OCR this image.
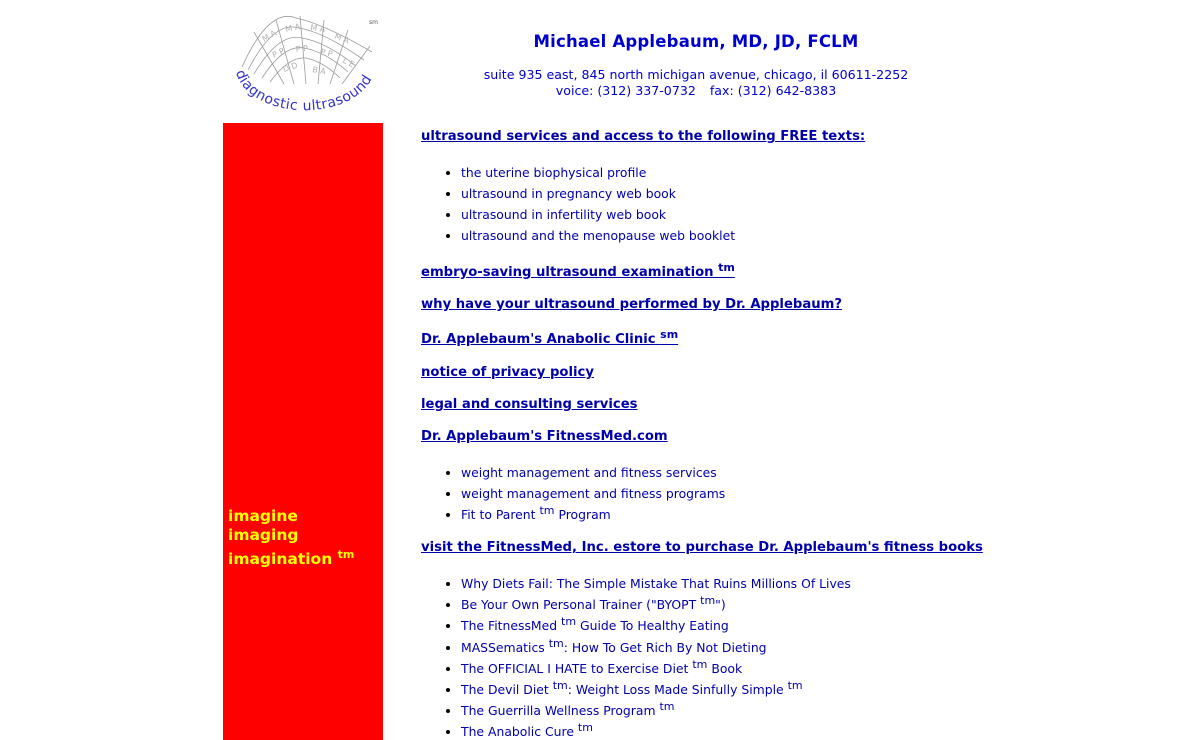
M A
M A M A
M A
P P P P P P
L E
D D B A
diagnostic ultrasound
sm
Michael Applebaum, MD, JD, FCLM
suite 935 east, 845 north michigan avenue, chicago, il 60611-2252
voice: (312) 337-0732 fax: (312) 642-8383
imagine
imaging
imagination $^{tm}$
ultrasound services and access to the following FREE texts:
• the uterine biophysical profile
• ultrasound in pregnancy web book
• ultrasound in infertility web book
• ultrasound and the menopause web booklet
embryo-saving ultrasound examination $^{tm}$
why have your ultrasound performed by Dr. Applebaum?
Dr. Applebaum's Anabolic Clinic $^{sm}$
notice of privacy policy
legal and consulting services
Dr. Applebaum's FitnessMed.com
• weight management and fitness services
• weight management and fitness programs
• Fit to Parent $^{tm}$ Program
visit the FitnessMed, Inc. estore to purchase Dr. Applebaum's fitness books
• Why Diets Fail: The Simple Mistake That Ruins Millions Of Lives
• Be Your Own Personal Trainer ("BYOPT $^{tm}$")
• The FitnessMed $^{tm}$ Guide To Healthy Eating
• MASSematics $^{tm}$: How To Get Rich By Not Dieting
• The OFFICIAL I HATE to Exercise Diet $^{tm}$ Book
• The Devil Diet $^{tm}$: Weight Loss Made Sinfully Simple $^{tm}$
• The Guerrilla Wellness Program $^{tm}$
• The Anabolic Cure $^{tm}$
